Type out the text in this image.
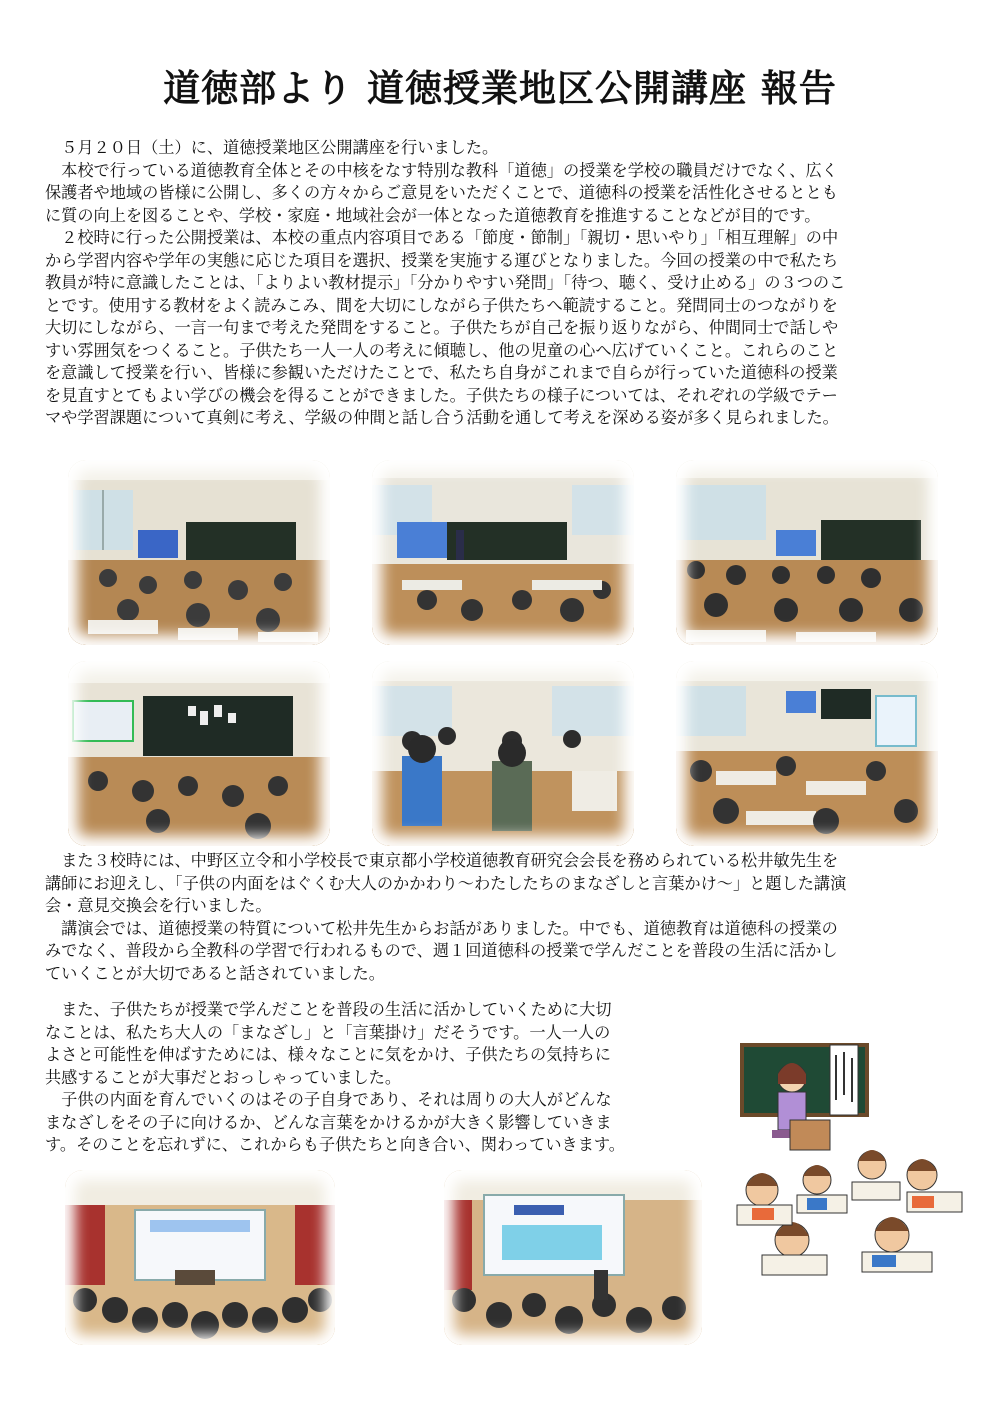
道徳部より 道徳授業地区公開講座 報告
　５月２０日（土）に、道徳授業地区公開講座を行いました。
　本校で行っている道徳教育全体とその中核をなす特別な教科「道徳」の授業を学校の職員だけでなく、広く
保護者や地域の皆様に公開し、多くの方々からご意見をいただくことで、道徳科の授業を活性化させるととも
に質の向上を図ることや、学校・家庭・地域社会が一体となった道徳教育を推進することなどが目的です。
　２校時に行った公開授業は、本校の重点内容項目である「節度・節制」「親切・思いやり」「相互理解」の中
から学習内容や学年の実態に応じた項目を選択、授業を実施する運びとなりました。今回の授業の中で私たち
教員が特に意識したことは、「よりよい教材提示」「分かりやすい発問」「待つ、聴く、受け止める」の３つのこ
とです。使用する教材をよく読みこみ、間を大切にしながら子供たちへ範読すること。発問同士のつながりを
大切にしながら、一言一句まで考えた発問をすること。子供たちが自己を振り返りながら、仲間同士で話しや
すい雰囲気をつくること。子供たち一人一人の考えに傾聴し、他の児童の心へ広げていくこと。これらのこと
を意識して授業を行い、皆様に参観いただけたことで、私たち自身がこれまで自らが行っていた道徳科の授業
を見直すとてもよい学びの機会を得ることができました。子供たちの様子については、それぞれの学級でテー
マや学習課題について真剣に考え、学級の仲間と話し合う活動を通して考えを深める姿が多く見られました。
　また３校時には、中野区立令和小学校長で東京都小学校道徳教育研究会会長を務められている松井敏先生を
講師にお迎えし、｢子供の内面をはぐくむ大人のかかわり～わたしたちのまなざしと言葉かけ～」と題した講演
会・意見交換会を行いました。
　講演会では、道徳授業の特質について松井先生からお話がありました。中でも、道徳教育は道徳科の授業の
みでなく、普段から全教科の学習で行われるもので、週１回道徳科の授業で学んだことを普段の生活に活かし
ていくことが大切であると話されていました。
　また、子供たちが授業で学んだことを普段の生活に活かしていくために大切
なことは、私たち大人の「まなざし」と「言葉掛け」だそうです。一人一人の
よさと可能性を伸ばすためには、様々なことに気をかけ、子供たちの気持ちに
共感することが大事だとおっしゃっていました。
　子供の内面を育んでいくのはその子自身であり、それは周りの大人がどんな
まなざしをその子に向けるか、どんな言葉をかけるかが大きく影響していきま
す。そのことを忘れずに、これからも子供たちと向き合い、関わっていきます。
